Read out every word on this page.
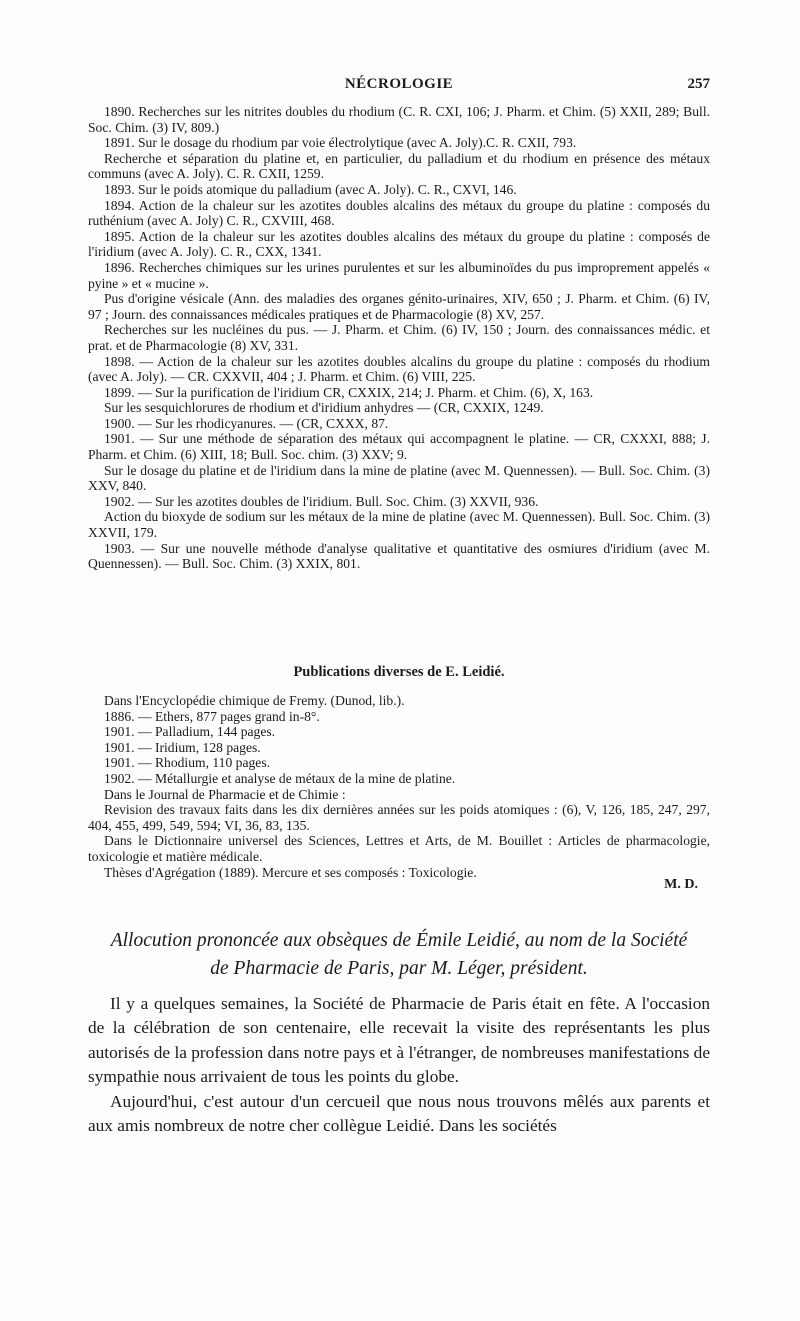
NÉCROLOGIE	257

1890. Recherches sur les nitrites doubles du rhodium (C. R. CXI, 106; J. Pharm. et Chim. (5) XXII, 289; Bull. Soc. Chim. (3) IV, 809.)

1891. Sur le dosage du rhodium par voie électrolytique (avec A. Joly).C. R. CXII, 793.

Recherche et séparation du platine et, en particulier, du palladium et du rhodium en présence des métaux communs (avec A. Joly). C. R. CXII, 1259.

1893. Sur le poids atomique du palladium (avec A. Joly). C. R., CXVI, 146.

1894. Action de la chaleur sur les azotites doubles alcalins des métaux du groupe du platine : composés du ruthénium (avec A. Joly) C. R., CXVIII, 468.

1895. Action de la chaleur sur les azotites doubles alcalins des métaux du groupe du platine : composés de l'iridium (avec A. Joly). C. R., CXX, 1341.

1896. Recherches chimiques sur les urines purulentes et sur les albuminoïdes du pus improprement appelés « pyine » et « mucine ».

Pus d'origine vésicale (Ann. des maladies des organes génito-urinaires, XIV, 650 ; J. Pharm. et Chim. (6) IV, 97 ; Journ. des connaissances médicales pratiques et de Pharmacologie (8) XV, 257.

Recherches sur les nucléines du pus. — J. Pharm. et Chim. (6) IV, 150 ; Journ. des connaissances médic. et prat. et de Pharmacologie (8) XV, 331.

1898. — Action de la chaleur sur les azotites doubles alcalins du groupe du platine : composés du rhodium (avec A. Joly). — CR. CXXVII, 404 ; J. Pharm. et Chim. (6) VIII, 225.

1899. — Sur la purification de l'iridium CR, CXXIX, 214; J. Pharm. et Chim. (6), X, 163.

Sur les sesquichlorures de rhodium et d'iridium anhydres — (CR, CXXIX, 1249.

1900. — Sur les rhodicyanures. — (CR, CXXX, 87.

1901. — Sur une méthode de séparation des métaux qui accompagnent le platine. — CR, CXXXI, 888; J. Pharm. et Chim. (6) XIII, 18; Bull. Soc. chim. (3) XXV; 9.

Sur le dosage du platine et de l'iridium dans la mine de platine (avec M. Quennessen). — Bull. Soc. Chim. (3) XXV, 840.

1902. — Sur les azotites doubles de l'iridium. Bull. Soc. Chim. (3) XXVII, 936.

Action du bioxyde de sodium sur les métaux de la mine de platine (avec M. Quennessen). Bull. Soc. Chim. (3) XXVII, 179.

1903. — Sur une nouvelle méthode d'analyse qualitative et quantitative des osmiures d'iridium (avec M. Quennessen). — Bull. Soc. Chim. (3) XXIX, 801.

Publications diverses de E. Leidié.

Dans l'Encyclopédie chimique de Fremy. (Dunod, lib.).

1886. — Ethers, 877 pages grand in-8°.

1901. — Palladium, 144 pages.

1901. — Iridium, 128 pages.

1901. — Rhodium, 110 pages.

1902. — Métallurgie et analyse de métaux de la mine de platine.

Dans le Journal de Pharmacie et de Chimie :

Revision des travaux faits dans les dix dernières années sur les poids atomiques : (6), V, 126, 185, 247, 297, 404, 455, 499, 549, 594; VI, 36, 83, 135.

Dans le Dictionnaire universel des Sciences, Lettres et Arts, de M. Bouillet : Articles de pharmacologie, toxicologie et matière médicale.

Thèses d'Agrégation (1889). Mercure et ses composés : Toxicologie.

M. D.
Allocution prononcée aux obsèques de Émile Leidié, au nom de la Société
de Pharmacie de Paris, par M. Léger, président.

Il y a quelques semaines, la Société de Pharmacie de Paris était en fête. A l'occasion de la célébration de son centenaire, elle recevait la visite des représentants les plus autorisés de la profession dans notre pays et à l'étranger, de nombreuses manifestations de sympathie nous arrivaient de tous les points du globe.

Aujourd'hui, c'est autour d'un cercueil que nous nous trouvons mêlés aux parents et aux amis nombreux de notre cher collègue Leidié. Dans les sociétés
